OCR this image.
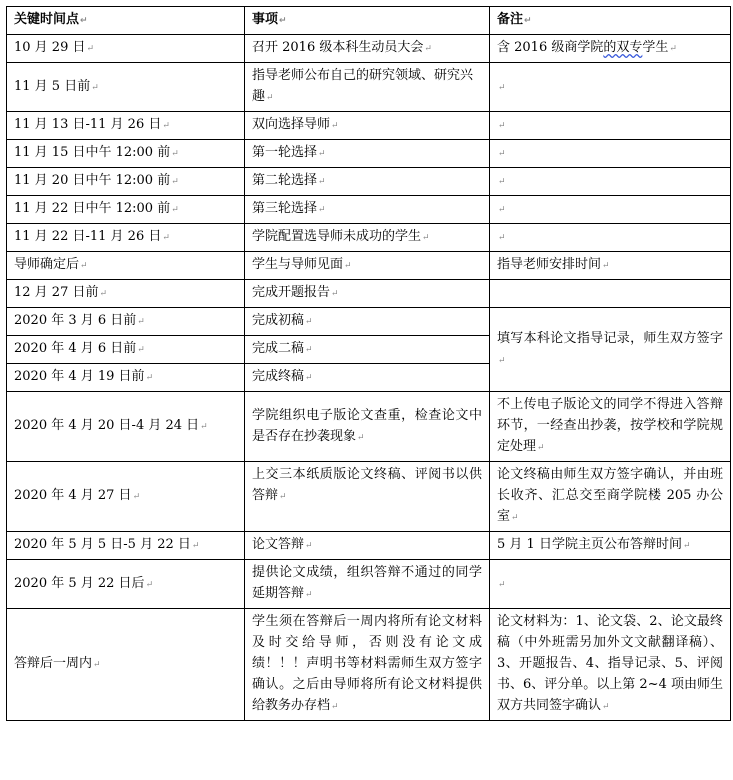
关键时间点↵	事项↵	备注↵
10 月 29 日↵	召开 2016 级本科生动员大会↵	含 2016 级商学院的双专学生↵
11 月 5 日前↵	指导老师公布自己的研究领域、研究兴趣↵	↵
11 月 13 日-11 月 26 日↵	双向选择导师↵	↵
11 月 15 日中午 12:00 前↵	第一轮选择↵	↵
11 月 20 日中午 12:00 前↵	第二轮选择↵	↵
11 月 22 日中午 12:00 前↵	第三轮选择↵	↵
11 月 22 日-11 月 26 日↵	学院配置选导师未成功的学生↵	↵
导师确定后↵	学生与导师见面↵	指导老师安排时间↵
12 月 27 日前↵	完成开题报告↵	
2020 年 3 月 6 日前↵	完成初稿↵	填写本科论文指导记录，师生双方签字↵
2020 年 4 月 6 日前↵	完成二稿↵	
2020 年 4 月 19 日前↵	完成终稿↵	
2020 年 4 月 20 日-4 月 24 日↵	学院组织电子版论文查重，检查论文中是否存在抄袭现象↵	不上传电子版论文的同学不得进入答辩环节，一经查出抄袭，按学校和学院规定处理↵
2020 年 4 月 27 日↵	上交三本纸质版论文终稿、评阅书以供答辩↵	论文终稿由师生双方签字确认，并由班长收齐、汇总交至商学院楼 205 办公室↵
2020 年 5 月 5 日-5 月 22 日↵	论文答辩↵	5 月 1 日学院主页公布答辩时间↵
2020 年 5 月 22 日后↵	提供论文成绩，组织答辩不通过的同学延期答辩↵	↵
答辩后一周内↵	学生须在答辩后一周内将所有论文材料及时交给导师，否则没有论文成绩！！！声明书等材料需师生双方签字确认。之后由导师将所有论文材料提供给教务办存档↵	论文材料为：1、论文袋、2、论文最终稿（中外班需另加外文文献翻译稿）、3、开题报告、4、指导记录、5、评阅书、6、评分单。以上第 2~4 项由师生双方共同签字确认↵
